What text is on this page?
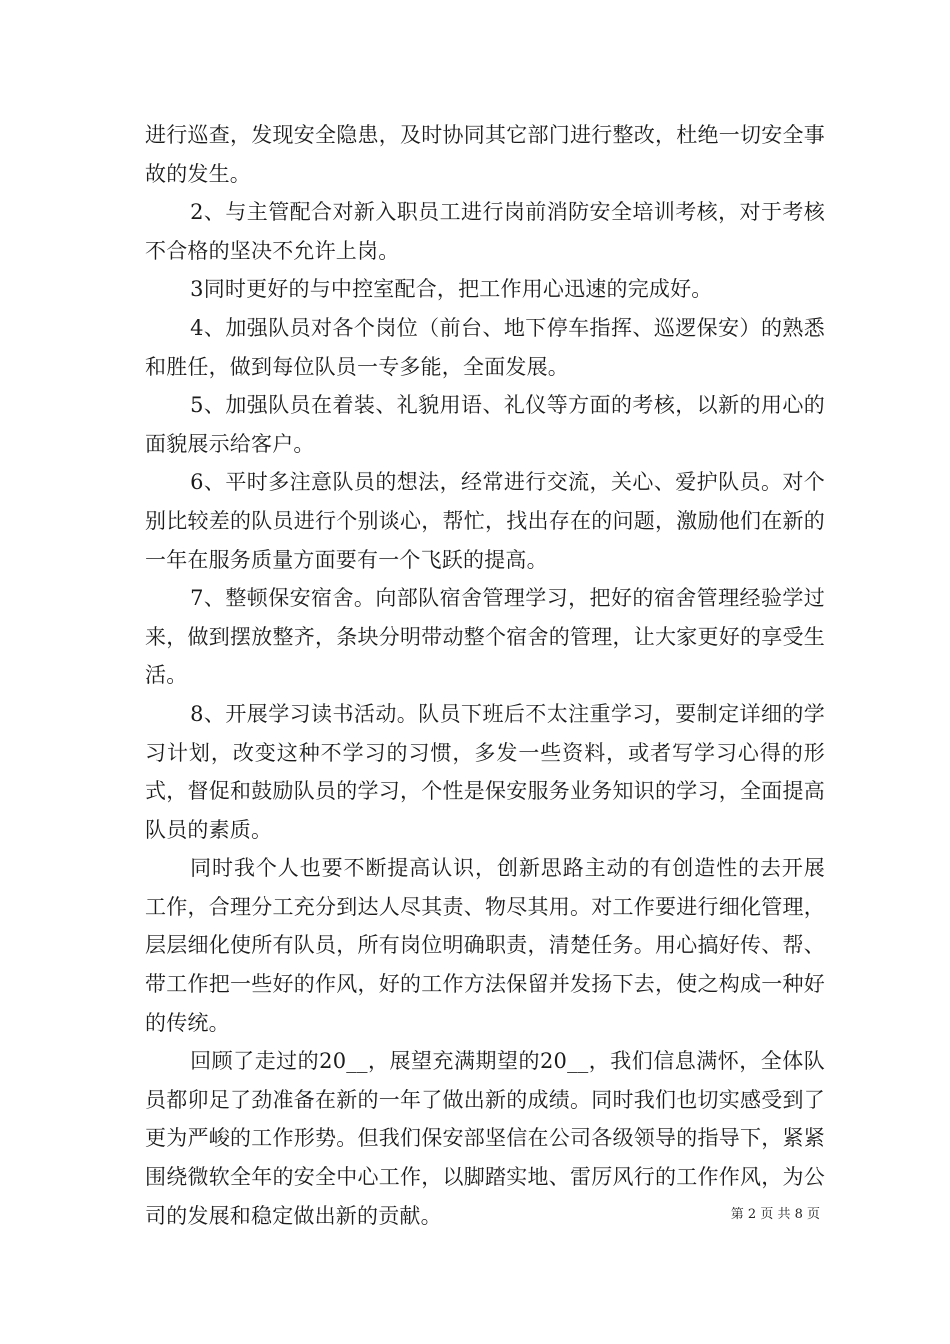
进行巡查，发现安全隐患，及时协同其它部门进行整改，杜绝一切安全事故的发生。

2、与主管配合对新入职员工进行岗前消防安全培训考核，对于考核不合格的坚决不允许上岗。

3同时更好的与中控室配合，把工作用心迅速的完成好。

4、加强队员对各个岗位（前台、地下停车指挥、巡逻保安）的熟悉和胜任，做到每位队员一专多能，全面发展。

5、加强队员在着装、礼貌用语、礼仪等方面的考核，以新的用心的面貌展示给客户。

6、平时多注意队员的想法，经常进行交流，关心、爱护队员。对个别比较差的队员进行个别谈心，帮忙，找出存在的问题，激励他们在新的一年在服务质量方面要有一个飞跃的提高。

7、整顿保安宿舍。向部队宿舍管理学习，把好的宿舍管理经验学过来，做到摆放整齐，条块分明带动整个宿舍的管理，让大家更好的享受生活。

8、开展学习读书活动。队员下班后不太注重学习，要制定详细的学习计划，改变这种不学习的习惯，多发一些资料，或者写学习心得的形式，督促和鼓励队员的学习，个性是保安服务业务知识的学习，全面提高队员的素质。

同时我个人也要不断提高认识，创新思路主动的有创造性的去开展工作，合理分工充分到达人尽其责、物尽其用。对工作要进行细化管理，层层细化使所有队员，所有岗位明确职责，清楚任务。用心搞好传、帮、带工作把一些好的作风，好的工作方法保留并发扬下去，使之构成一种好的传统。

回顾了走过的20__，展望充满期望的20__，我们信息满怀，全体队员都卯足了劲准备在新的一年了做出新的成绩。同时我们也切实感受到了更为严峻的工作形势。但我们保安部坚信在公司各级领导的指导下，紧紧围绕微软全年的安全中心工作，以脚踏实地、雷厉风行的工作作风，为公司的发展和稳定做出新的贡献。	第 2 页 共 8 页
